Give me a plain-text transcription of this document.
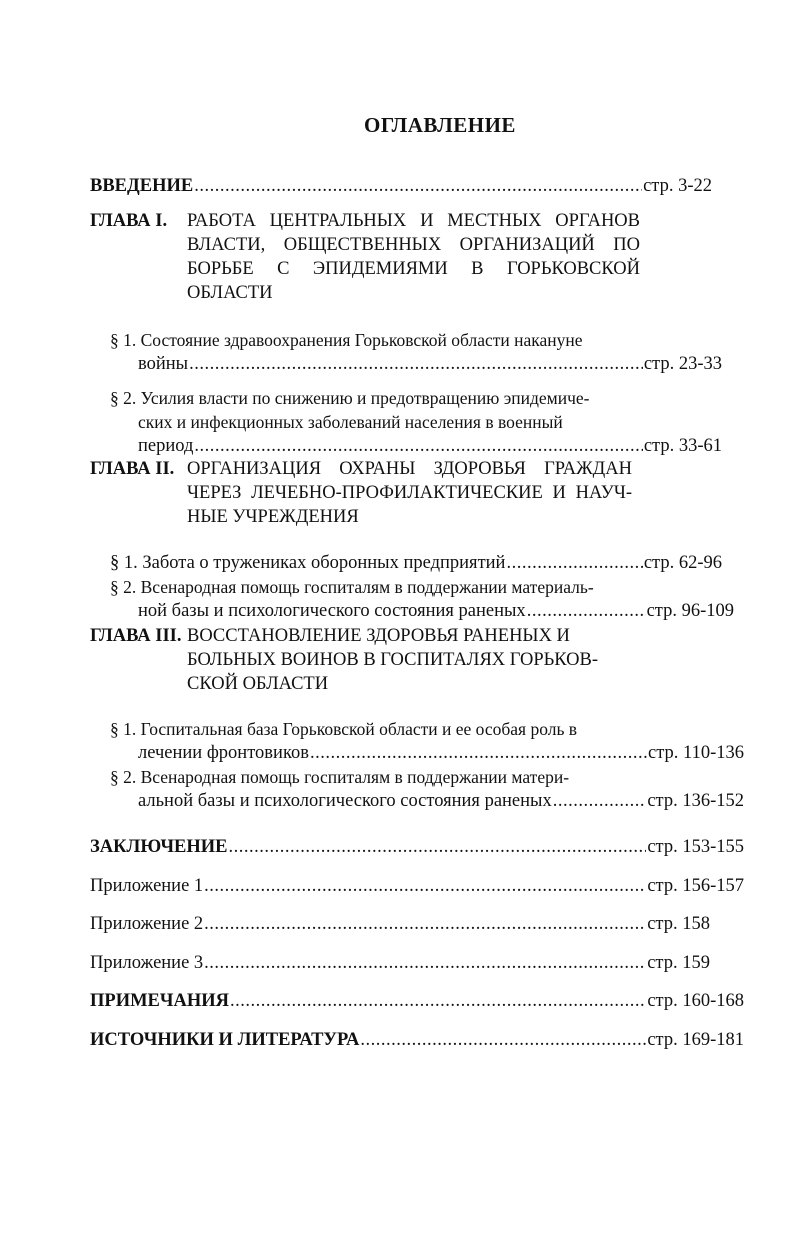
ОГЛАВЛЕНИЕ
ВВЕДЕНИЕ .....	стр. 3-22
ГЛАВА I.	РАБОТА ЦЕНТРАЛЬНЫХ И МЕСТНЫХ ОРГАНОВ
ВЛАСТИ, ОБЩЕСТВЕННЫХ ОРГАНИЗАЦИЙ ПО
БОРЬБЕ С ЭПИДЕМИЯМИ В ГОРЬКОВСКОЙ
ОБЛАСТИ
§ 1. Состояние здравоохранения Горьковской области накануне
войны .....	стр. 23-33
§ 2. Усилия власти по снижению и предотвращению эпидемиче-
ских и инфекционных заболеваний населения в военный
период .....	стр. 33-61
ГЛАВА II. ОРГАНИЗАЦИЯ ОХРАНЫ ЗДОРОВЬЯ ГРАЖДАН
ЧЕРЕЗ ЛЕЧЕБНО-ПРОФИЛАКТИЧЕСКИЕ И НАУЧ-
НЫЕ УЧРЕЖДЕНИЯ
§ 1. Забота о тружениках оборонных предприятий .....	стр. 62-96
§ 2. Всенародная помощь госпиталям в поддержании материаль-
ной базы и психологического состояния раненых .....	стр. 96-109
ГЛАВА III. ВОССТАНОВЛЕНИЕ ЗДОРОВЬЯ РАНЕНЫХ И
БОЛЬНЫХ ВОИНОВ В ГОСПИТАЛЯХ ГОРЬКОВ-
СКОЙ ОБЛАСТИ
§ 1. Госпитальная база Горьковской области и ее особая роль в
лечении фронтовиков .....	стр. 110-136
§ 2. Всенародная помощь госпиталям в поддержании матери-
альной базы и психологического состояния раненых .....	стр. 136-152
ЗАКЛЮЧЕНИЕ .....	стр. 153-155
Приложение 1 .....	стр. 156-157
Приложение 2 .....	стр. 158
Приложение 3 .....	стр. 159
ПРИМЕЧАНИЯ .....	стр. 160-168
ИСТОЧНИКИ И ЛИТЕРАТУРА .....	стр. 169-181
